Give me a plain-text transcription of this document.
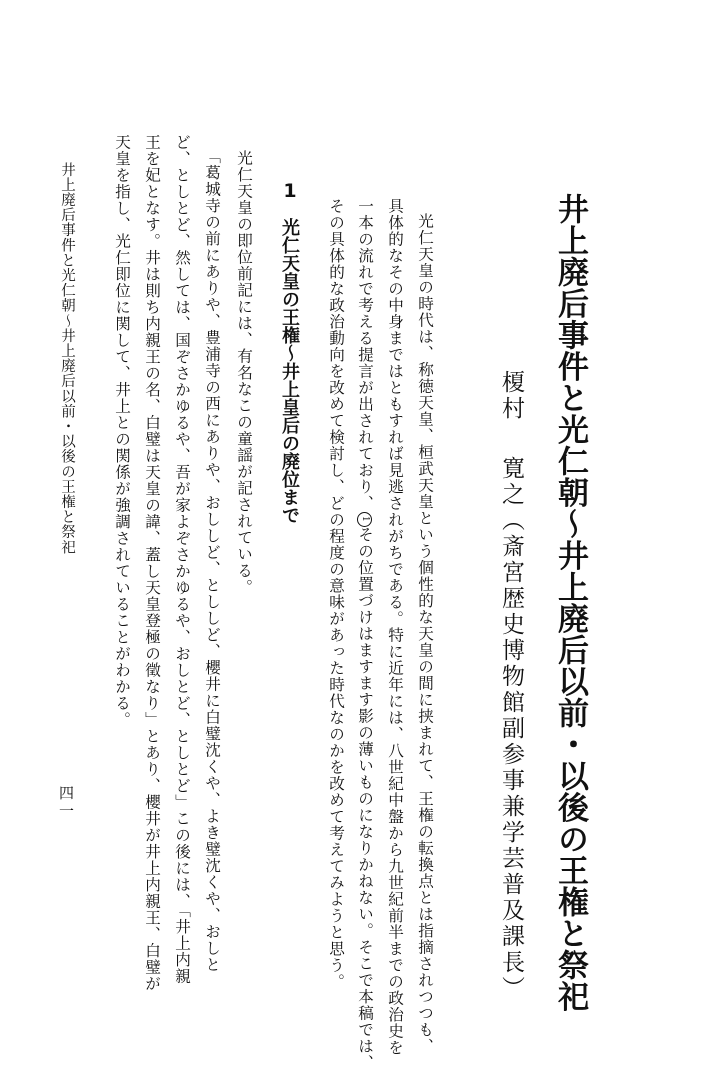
井上廃后事件と光仁朝〜井上廃后以前・以後の王権と祭祀
榎村寛之（斎宮歴史博物館副参事兼学芸普及課長）

光仁天皇の時代は、称徳天皇、桓武天皇という個性的な天皇の間に挟まれて、王権の転換点とは指摘されつつも、

具体的なその中身まではともすれば見逃されがちである。特に近年には、八世紀中盤から九世紀前半までの政治史を

一本の流れで考える提言が出されており、1その位置づけはますます影の薄いものになりかねない。そこで本稿では、

その具体的な政治動向を改めて検討し、どの程度の意味があった時代なのかを改めて考えてみようと思う。

1
光仁天皇の王権〜井上皇后の廃位まで

光仁天皇の即位前記には、有名なこの童謡が記されている。

「葛城寺の前にありや、豊浦寺の西にありや、おししど、とししど、櫻井に白璧沈くや、よき璧沈くや、おしと

ど、としとど、然しては、国ぞさかゆるや、吾が家よぞさかゆるや、おしとど、としとど」この後には、「井上内親

王を妃となす。井は則ち内親王の名、白璧は天皇の諱、蓋し天皇登極の徵なり」とあり、櫻井が井上内親王、白璧が

天皇を指し、光仁即位に関して、井上との関係が強調されていることがわかる。

井上廃后事件と光仁朝〜井上廃后以前・以後の王権と祭祀
四一
